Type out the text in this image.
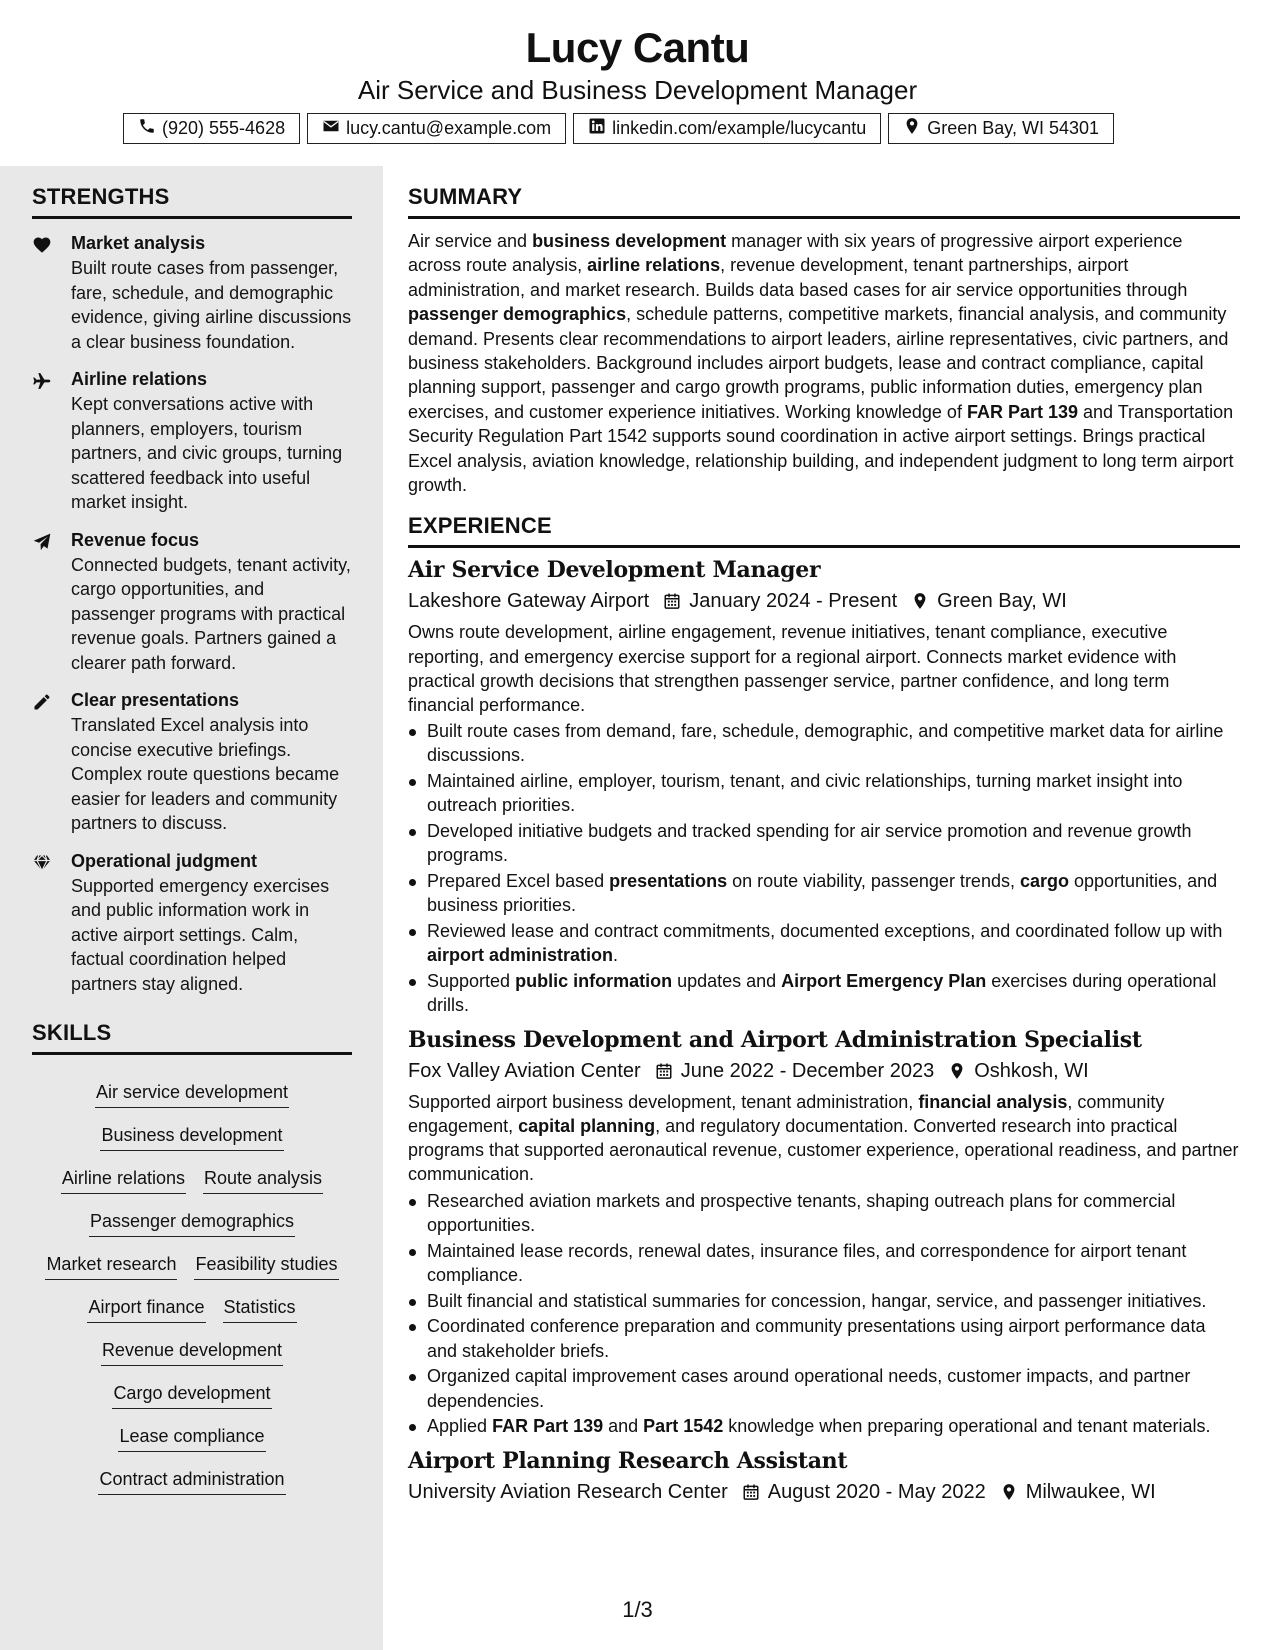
Lucy Cantu
Air Service and Business Development Manager
(920) 555-4628	lucy.cantu@example.com	linkedin.com/example/lucycantu	Green Bay, WI 54301
STRENGTHS
Market analysis
Built route cases from passenger, fare, schedule, and demographic evidence, giving airline discussions a clear business foundation.
Airline relations
Kept conversations active with planners, employers, tourism partners, and civic groups, turning scattered feedback into useful market insight.
Revenue focus
Connected budgets, tenant activity, cargo opportunities, and passenger programs with practical revenue goals. Partners gained a clearer path forward.
Clear presentations
Translated Excel analysis into concise executive briefings. Complex route questions became easier for leaders and community partners to discuss.
Operational judgment
Supported emergency exercises and public information work in active airport settings. Calm, factual coordination helped partners stay aligned.
SKILLS
Air service development
Business development
Airline relations Route analysis
Passenger demographics
Market research Feasibility studies
Airport finance Statistics
Revenue development
Cargo development
Lease compliance
Contract administration
SUMMARY
Air service and business development manager with six years of progressive airport experience across route analysis, airline relations, revenue development, tenant partnerships, airport administration, and market research. Builds data based cases for air service opportunities through passenger demographics, schedule patterns, competitive markets, financial analysis, and community demand. Presents clear recommendations to airport leaders, airline representatives, civic partners, and business stakeholders. Background includes airport budgets, lease and contract compliance, capital planning support, passenger and cargo growth programs, public information duties, emergency plan exercises, and customer experience initiatives. Working knowledge of FAR Part 139 and Transportation Security Regulation Part 1542 supports sound coordination in active airport settings. Brings practical Excel analysis, aviation knowledge, relationship building, and independent judgment to long term airport growth.
EXPERIENCE
Air Service Development Manager
Lakeshore Gateway Airport January 2024 - Present Green Bay, WI
Owns route development, airline engagement, revenue initiatives, tenant compliance, executive reporting, and emergency exercise support for a regional airport. Connects market evidence with practical growth decisions that strengthen passenger service, partner confidence, and long term financial performance.
Built route cases from demand, fare, schedule, demographic, and competitive market data for airline discussions.
Maintained airline, employer, tourism, tenant, and civic relationships, turning market insight into outreach priorities.
Developed initiative budgets and tracked spending for air service promotion and revenue growth programs.
Prepared Excel based presentations on route viability, passenger trends, cargo opportunities, and business priorities.
Reviewed lease and contract commitments, documented exceptions, and coordinated follow up with airport administration.
Supported public information updates and Airport Emergency Plan exercises during operational drills.
Business Development and Airport Administration Specialist
Fox Valley Aviation Center June 2022 - December 2023 Oshkosh, WI
Supported airport business development, tenant administration, financial analysis, community engagement, capital planning, and regulatory documentation. Converted research into practical programs that supported aeronautical revenue, customer experience, operational readiness, and partner communication.
Researched aviation markets and prospective tenants, shaping outreach plans for commercial opportunities.
Maintained lease records, renewal dates, insurance files, and correspondence for airport tenant compliance.
Built financial and statistical summaries for concession, hangar, service, and passenger initiatives.
Coordinated conference preparation and community presentations using airport performance data and stakeholder briefs.
Organized capital improvement cases around operational needs, customer impacts, and partner dependencies.
Applied FAR Part 139 and Part 1542 knowledge when preparing operational and tenant materials.
Airport Planning Research Assistant
University Aviation Research Center August 2020 - May 2022 Milwaukee, WI
1/3
